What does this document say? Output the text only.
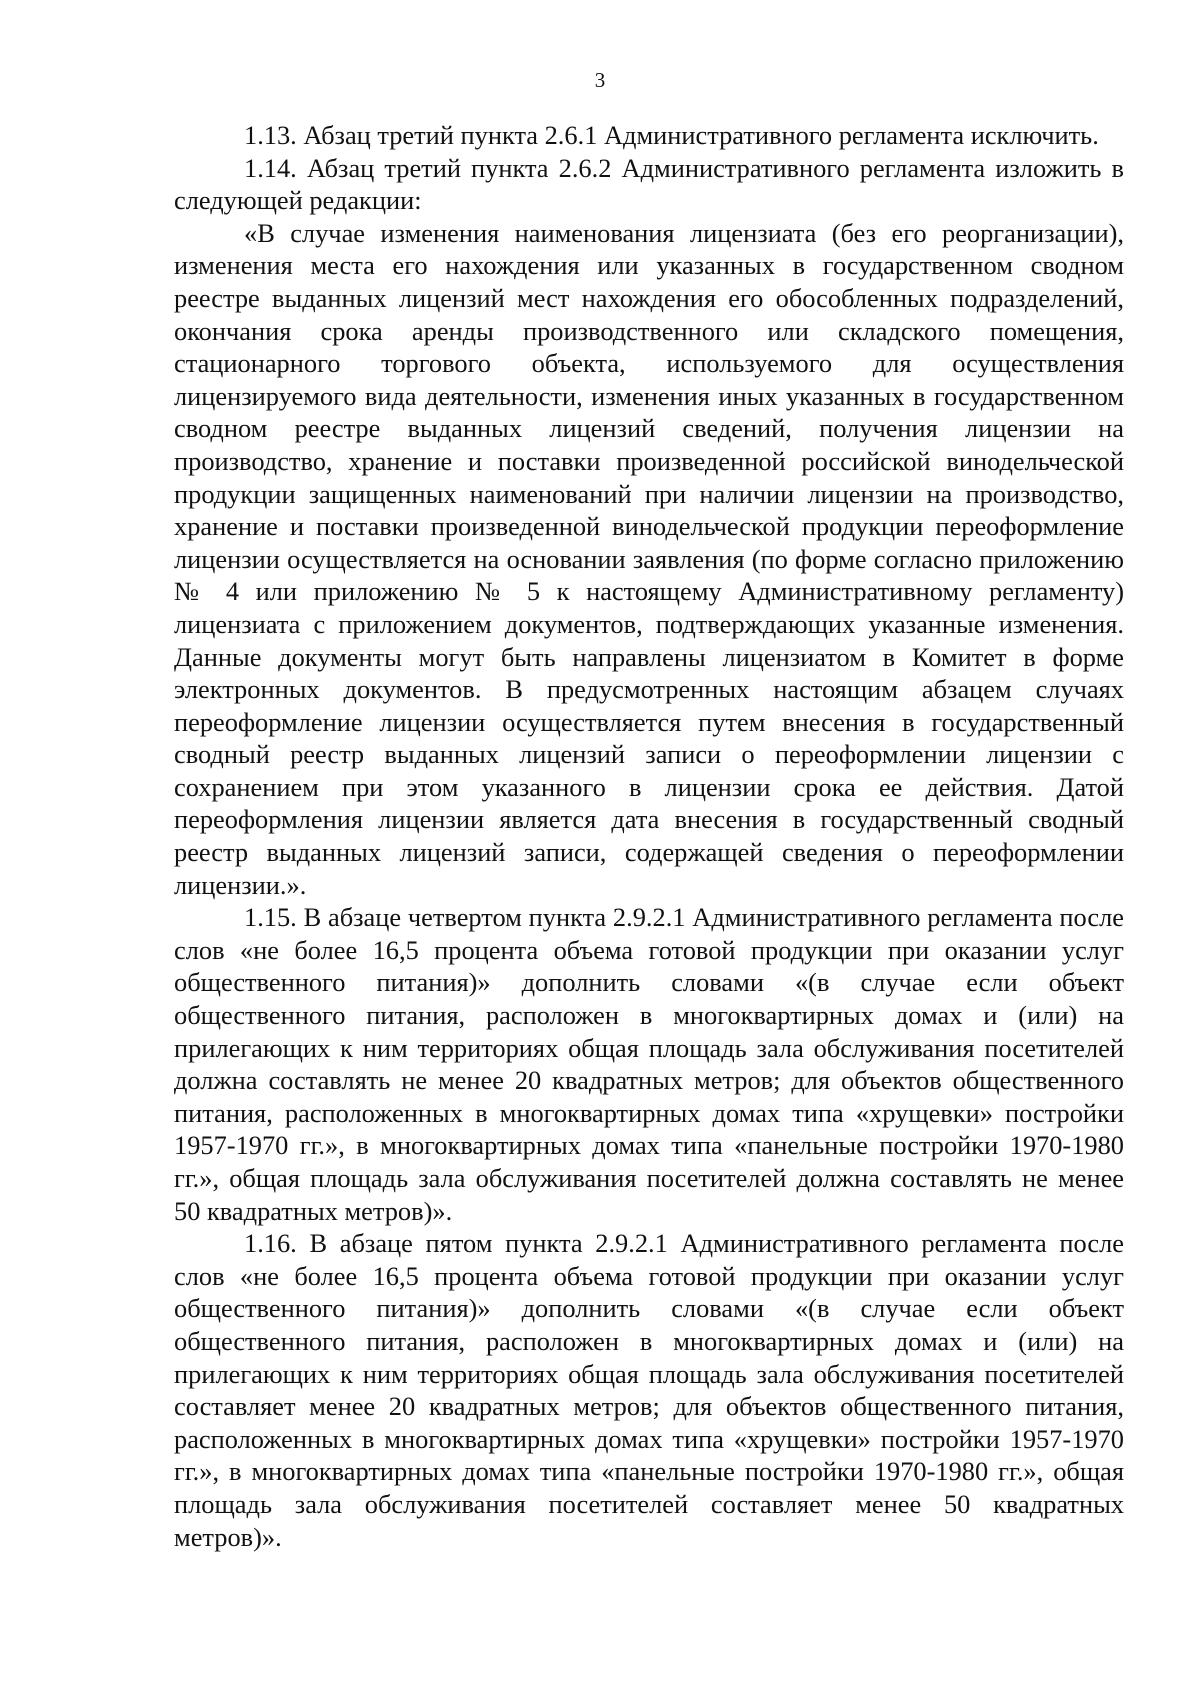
3

1.13. Абзац третий пункта 2.6.1 Административного регламента исключить.

1.14. Абзац третий пункта 2.6.2 Административного регламента изложить в следующей редакции:

«В случае изменения наименования лицензиата (без его реорганизации), изменения места его нахождения или указанных в государственном сводном реестре выданных лицензий мест нахождения его обособленных подразделений, окончания срока аренды производственного или складского помещения, стационарного торгового объекта, используемого для осуществления лицензируемого вида деятельности, изменения иных указанных в государственном сводном реестре выданных лицензий сведений, получения лицензии на производство, хранение и поставки произведенной российской винодельческой продукции защищенных наименований при наличии лицензии на производство, хранение и поставки произведенной винодельческой продукции переоформление лицензии осуществляется на основании заявления (по форме согласно приложению № 4 или приложению № 5 к настоящему Административному регламенту) лицензиата с приложением документов, подтверждающих указанные изменения. Данные документы могут быть направлены лицензиатом в Комитет в форме электронных документов. В предусмотренных настоящим абзацем случаях переоформление лицензии осуществляется путем внесения в государственный сводный реестр выданных лицензий записи о переоформлении лицензии с сохранением при этом указанного в лицензии срока ее действия. Датой переоформления лицензии является дата внесения в государственный сводный реестр выданных лицензий записи, содержащей сведения о переоформлении лицензии.».

1.15. В абзаце четвертом пункта 2.9.2.1 Административного регламента после слов «не более 16,5 процента объема готовой продукции при оказании услуг общественного питания)» дополнить словами «(в случае если объект общественного питания, расположен в многоквартирных домах и (или) на прилегающих к ним территориях общая площадь зала обслуживания посетителей должна составлять не менее 20 квадратных метров; для объектов общественного питания, расположенных в многоквартирных домах типа «хрущевки» постройки 1957-1970 гг.», в многоквартирных домах типа «панельные постройки 1970-1980 гг.», общая площадь зала обслуживания посетителей должна составлять не менее 50 квадратных метров)».

1.16. В абзаце пятом пункта 2.9.2.1 Административного регламента после слов «не более 16,5 процента объема готовой продукции при оказании услуг общественного питания)» дополнить словами «(в случае если объект общественного питания, расположен в многоквартирных домах и (или) на прилегающих к ним территориях общая площадь зала обслуживания посетителей составляет менее 20 квадратных метров; для объектов общественного питания, расположенных в многоквартирных домах типа «хрущевки» постройки 1957-1970 гг.», в многоквартирных домах типа «панельные постройки 1970-1980 гг.», общая площадь зала обслуживания посетителей составляет менее 50 квадратных метров)».
